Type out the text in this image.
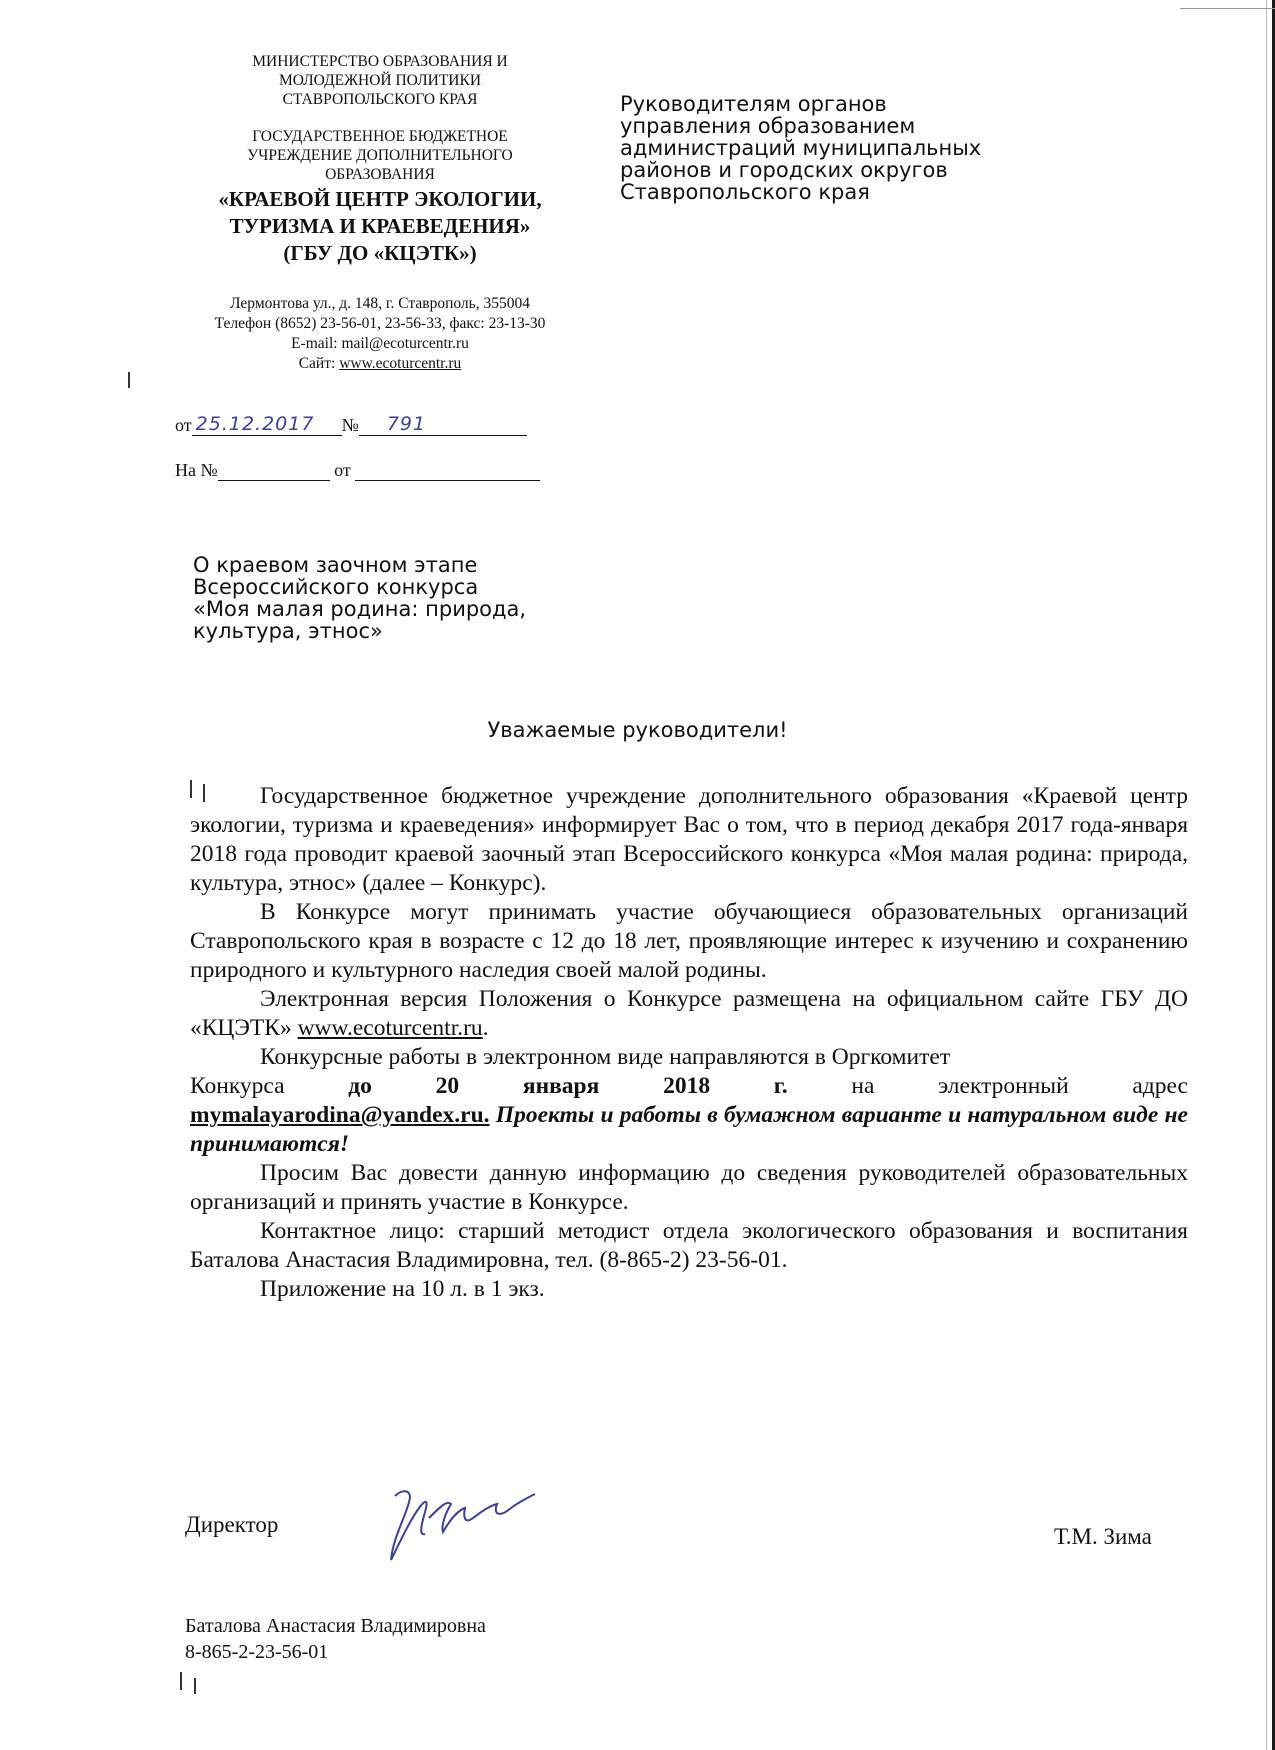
МИНИСТЕРСТВО ОБРАЗОВАНИЯ И
МОЛОДЕЖНОЙ ПОЛИТИКИ
СТАВРОПОЛЬСКОГО КРАЯ
ГОСУДАРСТВЕННОЕ БЮДЖЕТНОЕ
УЧРЕЖДЕНИЕ ДОПОЛНИТЕЛЬНОГО
ОБРАЗОВАНИЯ
«КРАЕВОЙ ЦЕНТР ЭКОЛОГИИ,
ТУРИЗМА И КРАЕВЕДЕНИЯ»
(ГБУ ДО «КЦЭТК»)
Лермонтова ул., д. 148, г. Ставрополь, 355004
Телефон (8652) 23-56-01, 23-56-33, факс: 23-13-30
E-mail: mail@ecoturcentr.ru
Сайт: www.ecoturcentr.ru
от 25.12.2017 № 791
На №	от
Руководителям органов
управления образованием
администраций муниципальных
районов и городских округов
Ставропольского края
О краевом заочном этапе
Всероссийского конкурса
«Моя малая родина: природа,
культура, этнос»
Уважаемые руководители!

Государственное бюджетное учреждение дополнительного образования «Краевой центр экологии, туризма и краеведения» информирует Вас о том, что в период декабря 2017 года-января 2018 года проводит краевой заочный этап Всероссийского конкурса «Моя малая родина: природа, культура, этнос» (далее – Конкурс).

В Конкурсе могут принимать участие обучающиеся образовательных организаций Ставропольского края в возрасте с 12 до 18 лет, проявляющие интерес к изучению и сохранению природного и культурного наследия своей малой родины.

Электронная версия Положения о Конкурсе размещена на официальном сайте ГБУ ДО «КЦЭТК» www.ecoturcentr.ru.

Конкурсные работы в электронном виде направляются в Оргкомитет
Конкурса	до	20	января	2018	г.	на	электронный	адрес
mymalayarodina@yandex.ru. Проекты и работы в бумажном варианте и натуральном виде не принимаются!

Просим Вас довести данную информацию до сведения руководителей образовательных организаций и принять участие в Конкурсе.

Контактное лицо: старший методист отдела экологического образования и воспитания Баталова Анастасия Владимировна, тел. (8-865-2) 23-56-01.

Приложение на 10 л. в 1 экз.

Директор	Т.М. Зима
Баталова Анастасия Владимировна
8-865-2-23-56-01
